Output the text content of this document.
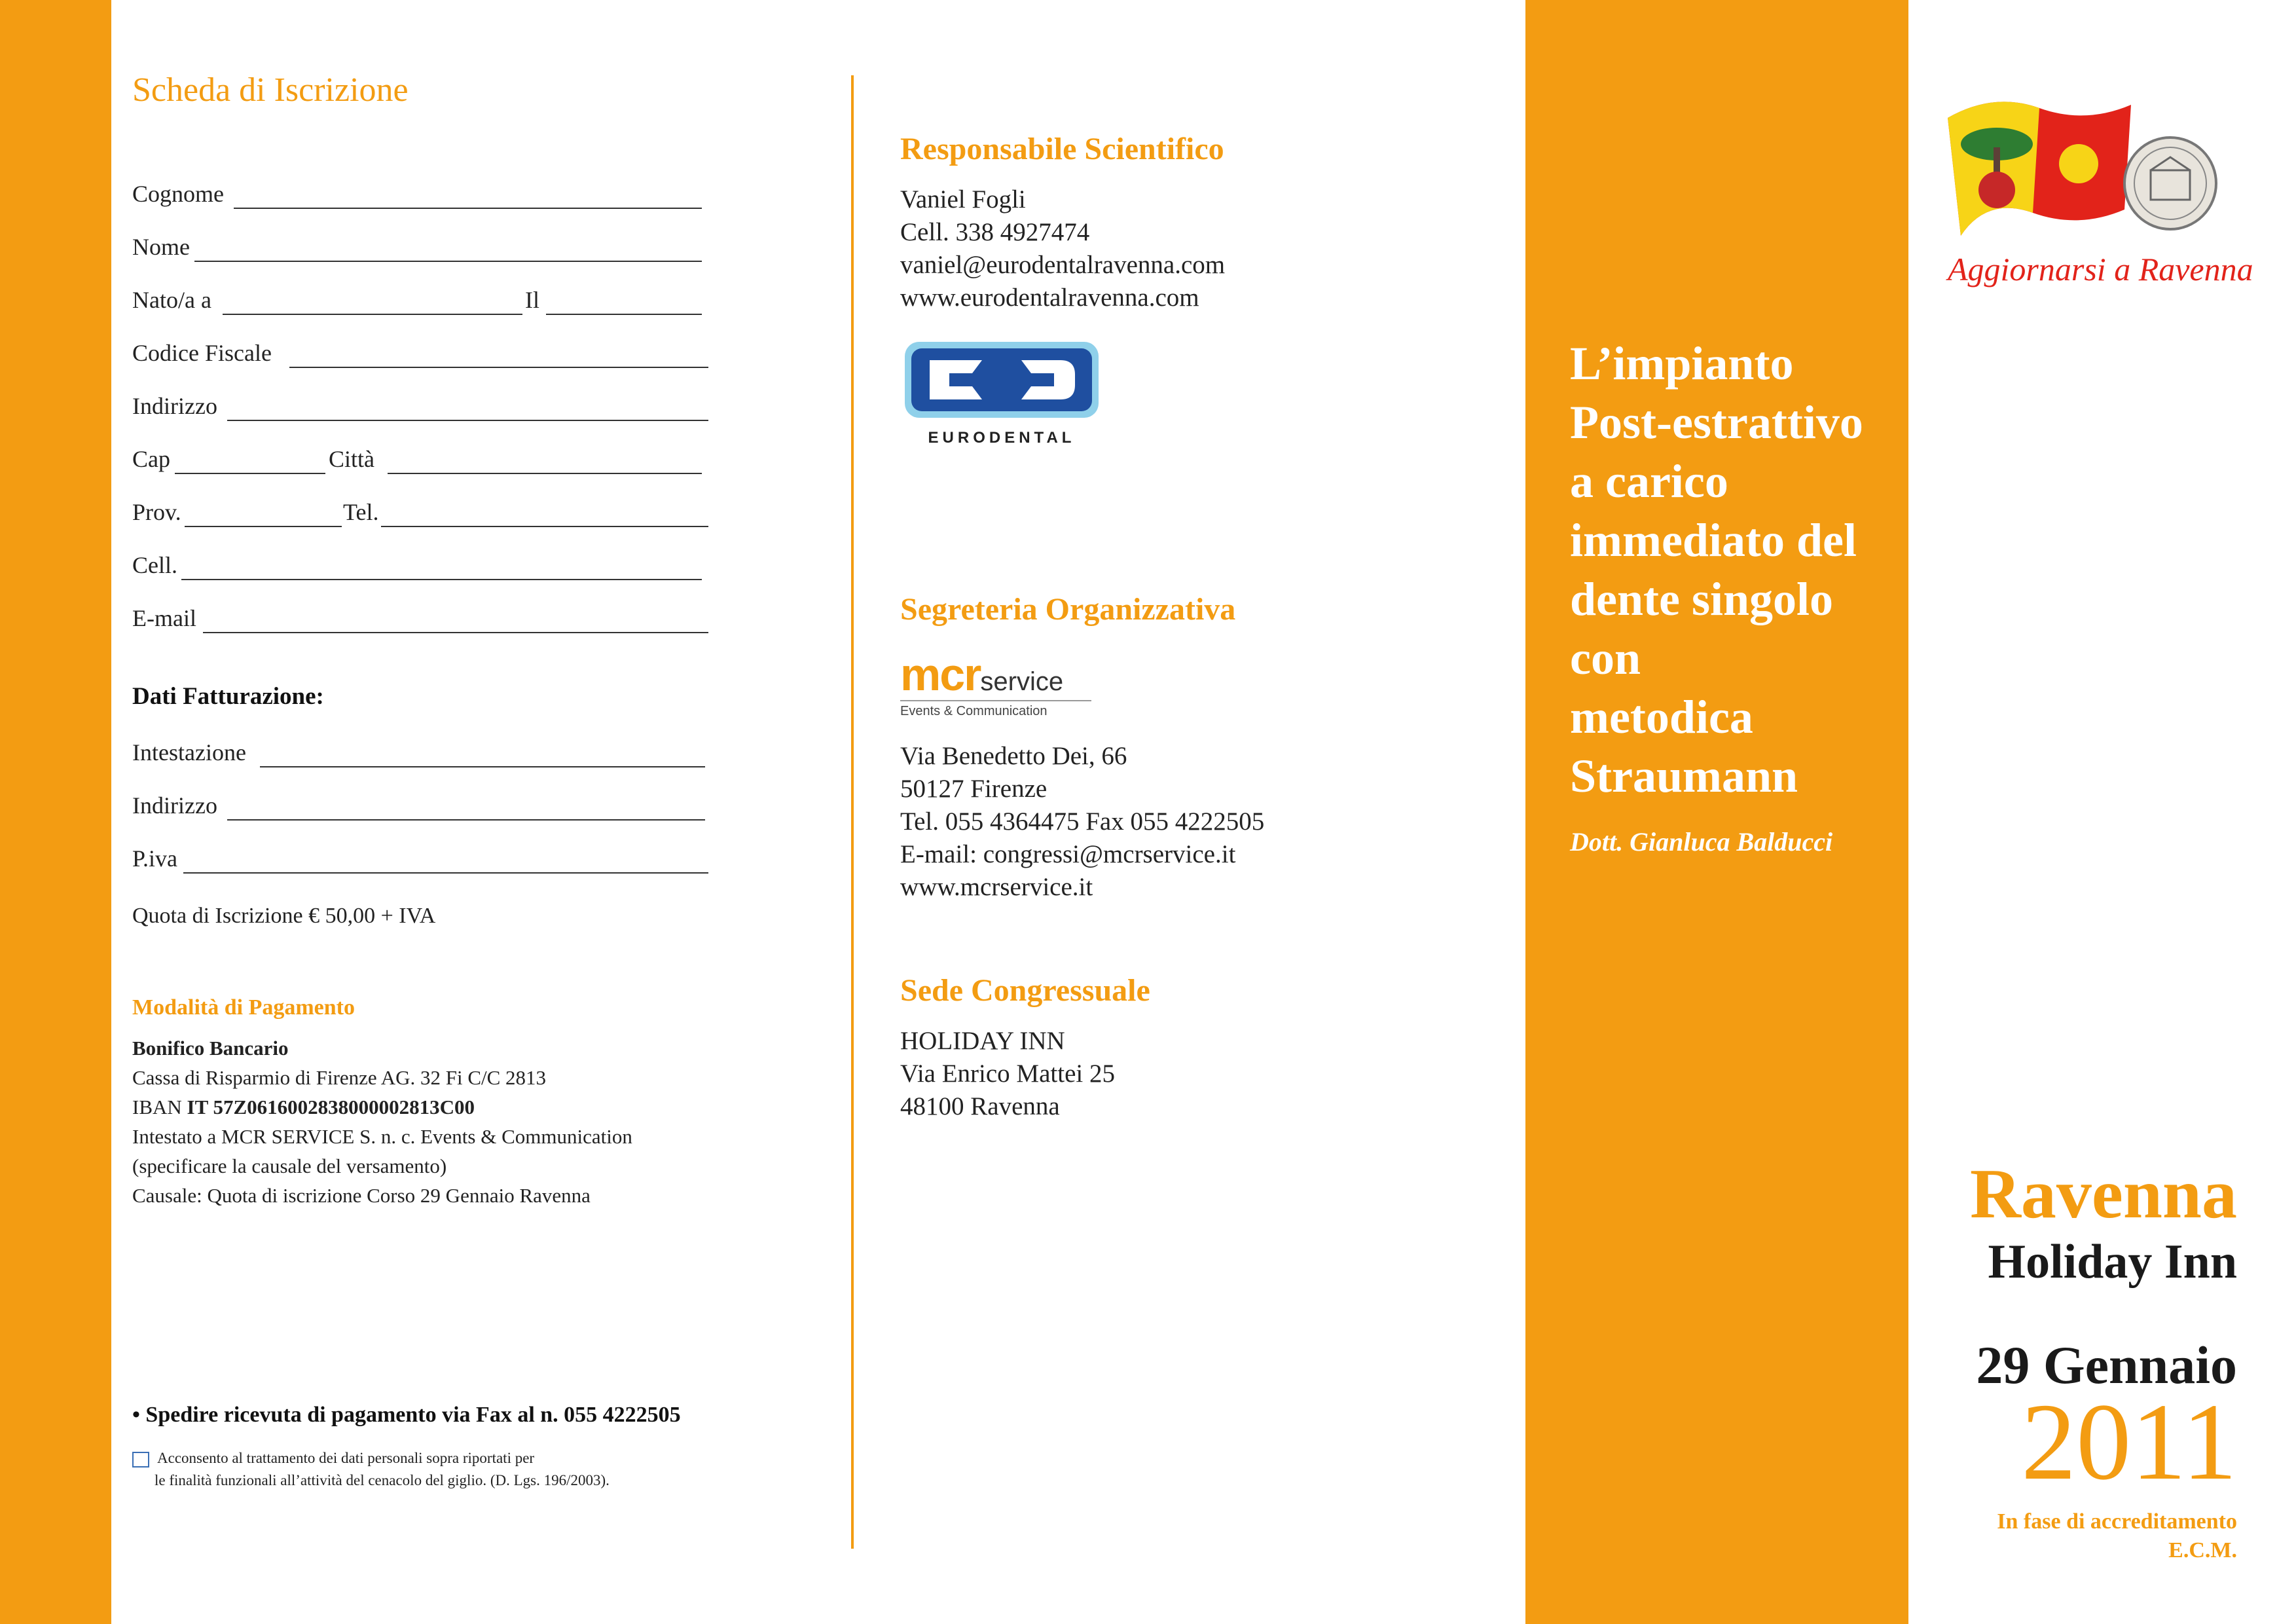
Scheda di Iscrizione
Cognome
Nome
Nato/a a	Il
Codice Fiscale
Indirizzo
Cap	Città
Prov.	Tel.
Cell.
E-mail
Dati Fatturazione:
Intestazione
Indirizzo
P.iva
Quota di Iscrizione € 50,00 + IVA
Modalità di Pagamento
Bonifico Bancario
Cassa di Risparmio di Firenze AG. 32 Fi C/C 2813
IBAN IT 57Z0616002838000002813C00
Intestato a MCR SERVICE S. n. c. Events & Communication
(specificare la causale del versamento)
Causale: Quota di iscrizione Corso 29 Gennaio Ravenna
• Spedire ricevuta di pagamento via Fax al n. 055 4222505
Acconsento al trattamento dei dati personali sopra riportati per
le finalità funzionali all’attività del cenacolo del giglio. (D. Lgs. 196/2003).
Responsabile Scientifico
Vaniel Fogli
Cell. 338 4927474
vaniel@eurodentalravenna.com
www.eurodentalravenna.com
EURODENTAL
Segreteria Organizzativa
mcrservice
Events & Communication
Via Benedetto Dei, 66
50127 Firenze
Tel. 055 4364475 Fax 055 4222505
E-mail: congressi@mcrservice.it
www.mcrservice.it
Sede Congressuale
HOLIDAY INN
Via Enrico Mattei 25
48100 Ravenna
L’impianto
Post-estrattivo
a carico
immediato del
dente singolo
con
metodica
Straumann
Dott. Gianluca Balducci
Aggiornarsi a Ravenna
Ravenna
Holiday Inn
29 Gennaio
2011
In fase di accreditamento
E.C.M.
